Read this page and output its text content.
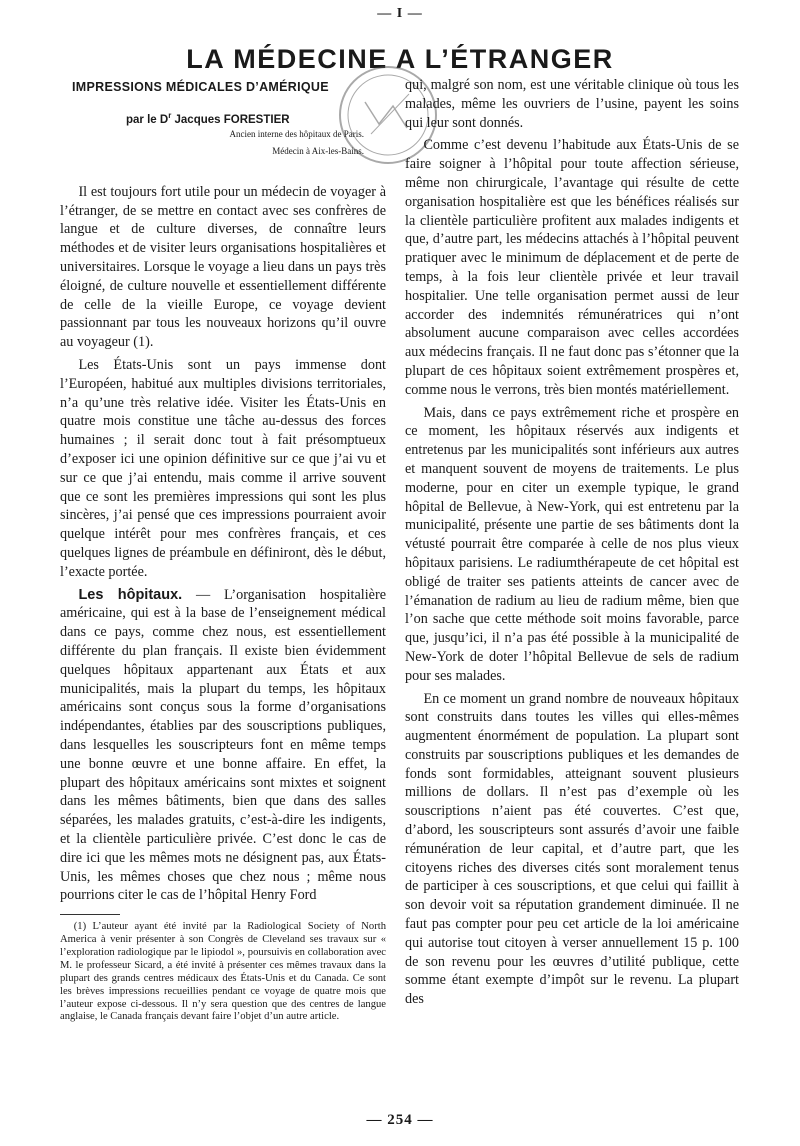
— I —
LA MÉDECINE A L’ÉTRANGER

IMPRESSIONS MÉDICALES D’AMÉRIQUE

par le $D^r$ Jacques FORESTIER

Ancien interne des hôpitaux de Paris.

Médecin à Aix-les-Bains.

Il est toujours fort utile pour un médecin de voyager à l’étranger, de se mettre en contact avec ses confrères de langue et de culture diverses, de connaître leurs méthodes et de visiter leurs organisations hospitalières et universitaires. Lorsque le voyage a lieu dans un pays très éloigné, de culture nouvelle et essentiellement différente de celle de la vieille Europe, ce voyage devient passionnant par tous les nouveaux horizons qu’il ouvre au voyageur (1).

Les États-Unis sont un pays immense dont l’Européen, habitué aux multiples divisions territoriales, n’a qu’une très relative idée. Visiter les États-Unis en quatre mois constitue une tâche au-dessus des forces humaines ; il serait donc tout à fait présomptueux d’exposer ici une opinion définitive sur ce que j’ai vu et sur ce que j’ai entendu, mais comme il arrive souvent que ce sont les premières impressions qui sont les plus sincères, j’ai pensé que ces impressions pourraient avoir quelque intérêt pour mes confrères français, et ces quelques lignes de préambule en définiront, dès le début, l’exacte portée.

Les hôpitaux. — L’organisation hospitalière américaine, qui est à la base de l’enseignement médical dans ce pays, comme chez nous, est essentiellement différente du plan français. Il existe bien évidemment quelques hôpitaux appartenant aux États et aux municipalités, mais la plupart du temps, les hôpitaux américains sont conçus sous la forme d’organisations indépendantes, établies par des souscriptions publiques, dans lesquelles les souscripteurs font en même temps une bonne œuvre et une bonne affaire. En effet, la plupart des hôpitaux américains sont mixtes et soignent dans les mêmes bâtiments, bien que dans des salles séparées, les malades gratuits, c’est-à-dire les indigents, et la clientèle particulière privée. C’est donc le cas de dire ici que les mêmes mots ne désignent pas, aux États-Unis, les mêmes choses que chez nous ; même nous pourrions citer le cas de l’hôpital Henry Ford

(1) L’auteur ayant été invité par la Radiological Society of North America à venir présenter à son Congrès de Cleveland ses travaux sur « l’exploration radiologique par le lipiodol », poursuivis en collaboration avec M. le professeur Sicard, a été invité à présenter ces mêmes travaux dans la plupart des grands centres médicaux des États-Unis et du Canada. Ce sont les brèves impressions recueillies pendant ce voyage de quatre mois que l’auteur expose ci-dessous. Il n’y sera question que des centres de langue anglaise, le Canada français devant faire l’objet d’un autre article.

qui, malgré son nom, est une véritable clinique où tous les malades, même les ouvriers de l’usine, payent les soins qui leur sont donnés.

Comme c’est devenu l’habitude aux États-Unis de se faire soigner à l’hôpital pour toute affection sérieuse, même non chirurgicale, l’avantage qui résulte de cette organisation hospitalière est que les bénéfices réalisés sur la clientèle particulière profitent aux malades indigents et que, d’autre part, les médecins attachés à l’hôpital peuvent pratiquer avec le minimum de déplacement et de perte de temps, à la fois leur clientèle privée et leur travail hospitalier. Une telle organisation permet aussi de leur accorder des indemnités rémunératrices qui n’ont absolument aucune comparaison avec celles accordées aux médecins français. Il ne faut donc pas s’étonner que la plupart de ces hôpitaux soient extrêmement prospères et, comme nous le verrons, très bien montés matériellement.

Mais, dans ce pays extrêmement riche et prospère en ce moment, les hôpitaux réservés aux indigents et entretenus par les municipalités sont inférieurs aux autres et manquent souvent de moyens de traitements. Le plus moderne, pour en citer un exemple typique, le grand hôpital de Bellevue, à New-York, qui est entretenu par la municipalité, présente une partie de ses bâtiments dont la vétusté pourrait être comparée à celle de nos plus vieux hôpitaux parisiens. Le radiumthérapeute de cet hôpital est obligé de traiter ses patients atteints de cancer avec de l’émanation de radium au lieu de radium même, bien que l’on sache que cette méthode soit moins favorable, parce que, jusqu’ici, il n’a pas été possible à la municipalité de New-York de doter l’hôpital Bellevue de sels de radium pour ses malades.

En ce moment un grand nombre de nouveaux hôpitaux sont construits dans toutes les villes qui elles-mêmes augmentent énormément de population. La plupart sont construits par souscriptions publiques et les demandes de fonds sont formidables, atteignant souvent plusieurs millions de dollars. Il n’est pas d’exemple où les souscriptions n’aient pas été couvertes. C’est que, d’abord, les souscripteurs sont assurés d’avoir une faible rémunération de leur capital, et d’autre part, que les citoyens riches des diverses cités sont moralement tenus de participer à ces souscriptions, et que celui qui faillit à son devoir voit sa réputation grandement diminuée. Il ne faut pas compter pour peu cet article de la loi américaine qui autorise tout citoyen à verser annuellement 15 p. 100 de son revenu pour les œuvres d’utilité publique, cette somme étant exempte d’impôt sur le revenu. La plupart des

— 254 —
